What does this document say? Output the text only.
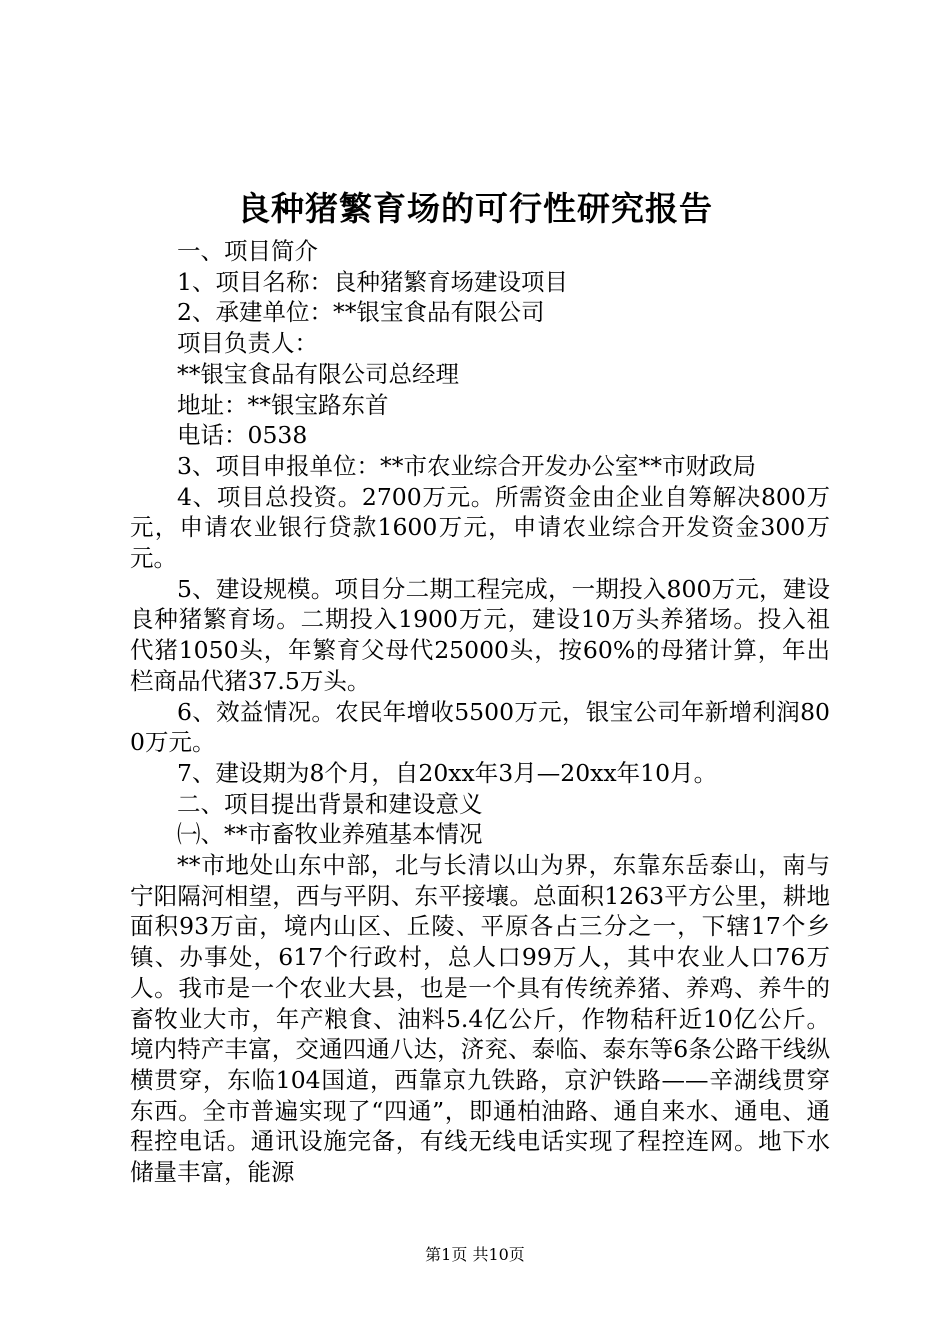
良种猪繁育场的可行性研究报告

一、项目简介

1、项目名称：良种猪繁育场建设项目

2、承建单位：**银宝食品有限公司

项目负责人：

**银宝食品有限公司总经理

地址：**银宝路东首

电话：0538

3、项目申报单位：**市农业综合开发办公室**市财政局

4、项目总投资。2700万元。所需资金由企业自筹解决800万元，申请农业银行贷款1600万元，申请农业综合开发资金300万元。

5、建设规模。项目分二期工程完成，一期投入800万元，建设良种猪繁育场。二期投入1900万元，建设10万头养猪场。投入祖代猪1050头，年繁育父母代25000头，按60%的母猪计算，年出栏商品代猪37.5万头。

6、效益情况。农民年增收5500万元，银宝公司年新增利润800万元。

7、建设期为8个月，自20xx年3月—20xx年10月。

二、项目提出背景和建设意义

㈠、**市畜牧业养殖基本情况

**市地处山东中部，北与长清以山为界，东靠东岳泰山，南与宁阳隔河相望，西与平阴、东平接壤。总面积1263平方公里，耕地面积93万亩，境内山区、丘陵、平原各占三分之一，下辖17个乡镇、办事处，617个行政村，总人口99万人，其中农业人口76万人。我市是一个农业大县，也是一个具有传统养猪、养鸡、养牛的畜牧业大市，年产粮食、油料5.4亿公斤，作物秸秆近10亿公斤。境内特产丰富，交通四通八达，济兖、泰临、泰东等6条公路干线纵横贯穿，东临104国道，西靠京九铁路，京沪铁路——辛湖线贯穿东西。全市普遍实现了“四通”，即通柏油路、通自来水、通电、通程控电话。通讯设施完备，有线无线电话实现了程控连网。地下水储量丰富，能源

第1页 共10页
